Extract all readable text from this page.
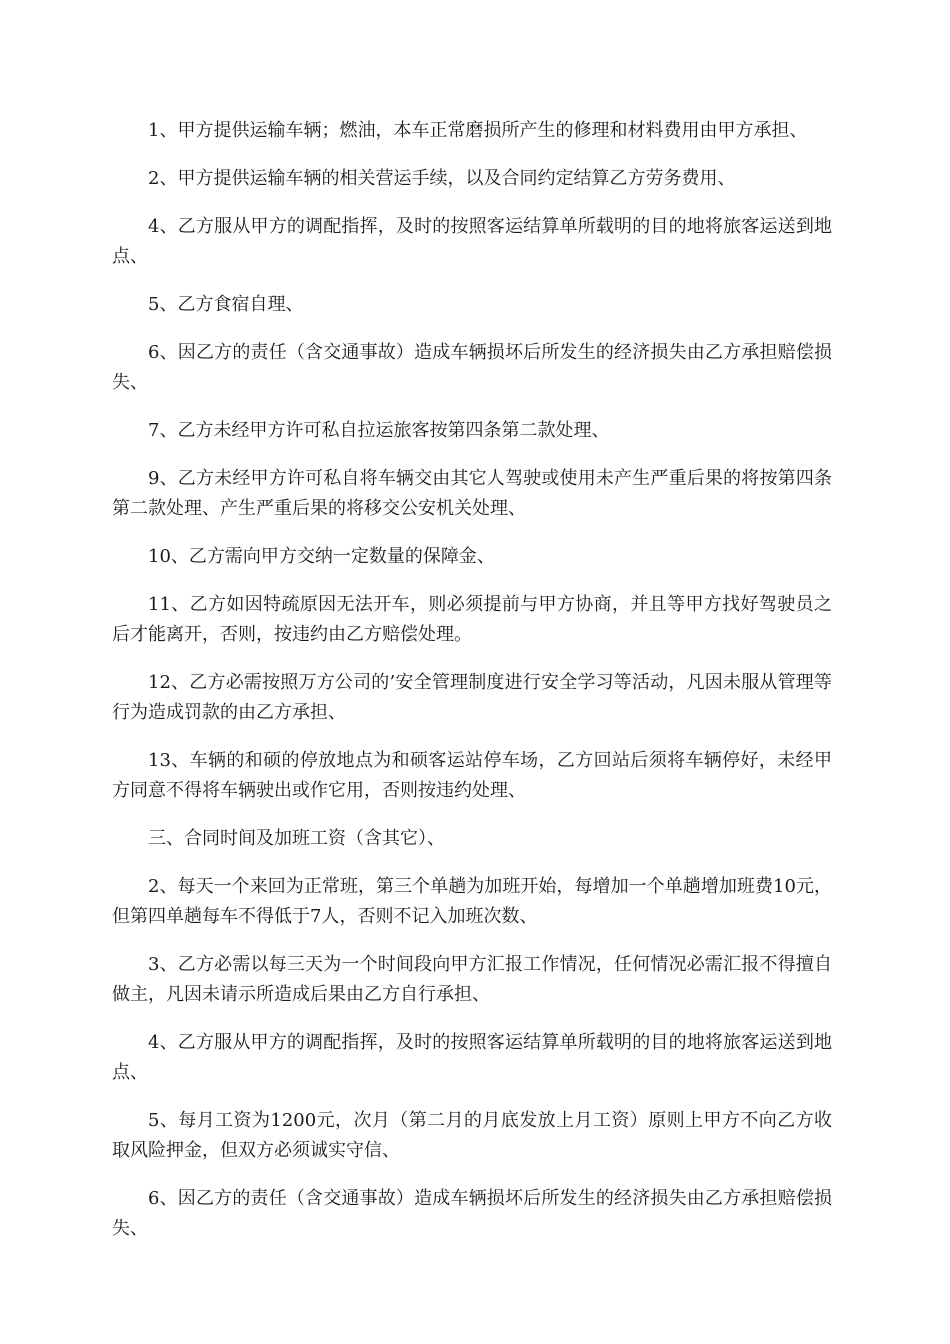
1、甲方提供运输车辆；燃油，本车正常磨损所产生的修理和材料费用由甲方承担、

2、甲方提供运输车辆的相关营运手续，以及合同约定结算乙方劳务费用、

4、乙方服从甲方的调配指挥，及时的按照客运结算单所载明的目的地将旅客运送到地点、

5、乙方食宿自理、

6、因乙方的责任（含交通事故）造成车辆损坏后所发生的经济损失由乙方承担赔偿损失、

7、乙方未经甲方许可私自拉运旅客按第四条第二款处理、

9、乙方未经甲方许可私自将车辆交由其它人驾驶或使用未产生严重后果的将按第四条第二款处理、产生严重后果的将移交公安机关处理、

10、乙方需向甲方交纳一定数量的保障金、

11、乙方如因特疏原因无法开车，则必须提前与甲方协商，并且等甲方找好驾驶员之后才能离开，否则，按违约由乙方赔偿处理。

12、乙方必需按照万方公司的’安全管理制度进行安全学习等活动，凡因未服从管理等行为造成罚款的由乙方承担、

13、车辆的和硕的停放地点为和硕客运站停车场，乙方回站后须将车辆停好，未经甲方同意不得将车辆驶出或作它用，否则按违约处理、

三、合同时间及加班工资（含其它）、

2、每天一个来回为正常班，第三个单趟为加班开始，每增加一个单趟增加班费10元，但第四单趟每车不得低于7人，否则不记入加班次数、

3、乙方必需以每三天为一个时间段向甲方汇报工作情况，任何情况必需汇报不得擅自做主，凡因未请示所造成后果由乙方自行承担、

4、乙方服从甲方的调配指挥，及时的按照客运结算单所载明的目的地将旅客运送到地点、

5、每月工资为1200元，次月（第二月的月底发放上月工资）原则上甲方不向乙方收取风险押金，但双方必须诚实守信、

6、因乙方的责任（含交通事故）造成车辆损坏后所发生的经济损失由乙方承担赔偿损失、
